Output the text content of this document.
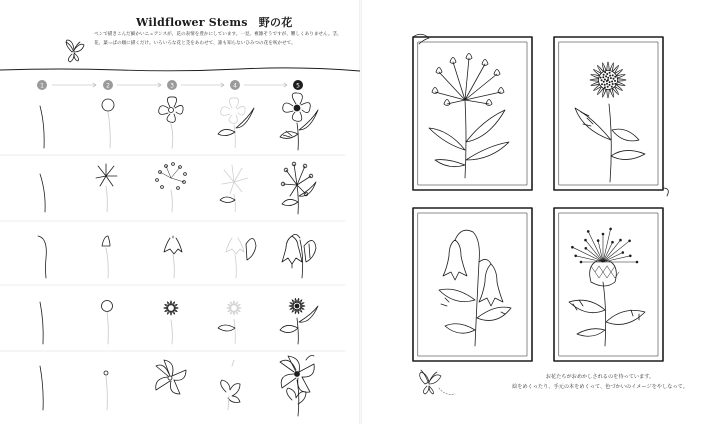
Wildflower Stems　野の花

ペンで描きこんだ細かいニュアンスが、花の表情を豊かにしています。一見、複雑そうですが、難しくありません。茎、花、葉っぱの順に描くだけ。いろいろな花と茎をあわせて、誰も知らないひみつの花を咲かせて。

1	2	3	4	5

お花たちがおめかしされるのを待っています。
絵をめくったり、手元の本をめくって、色づかいのイメージをやしなって。
